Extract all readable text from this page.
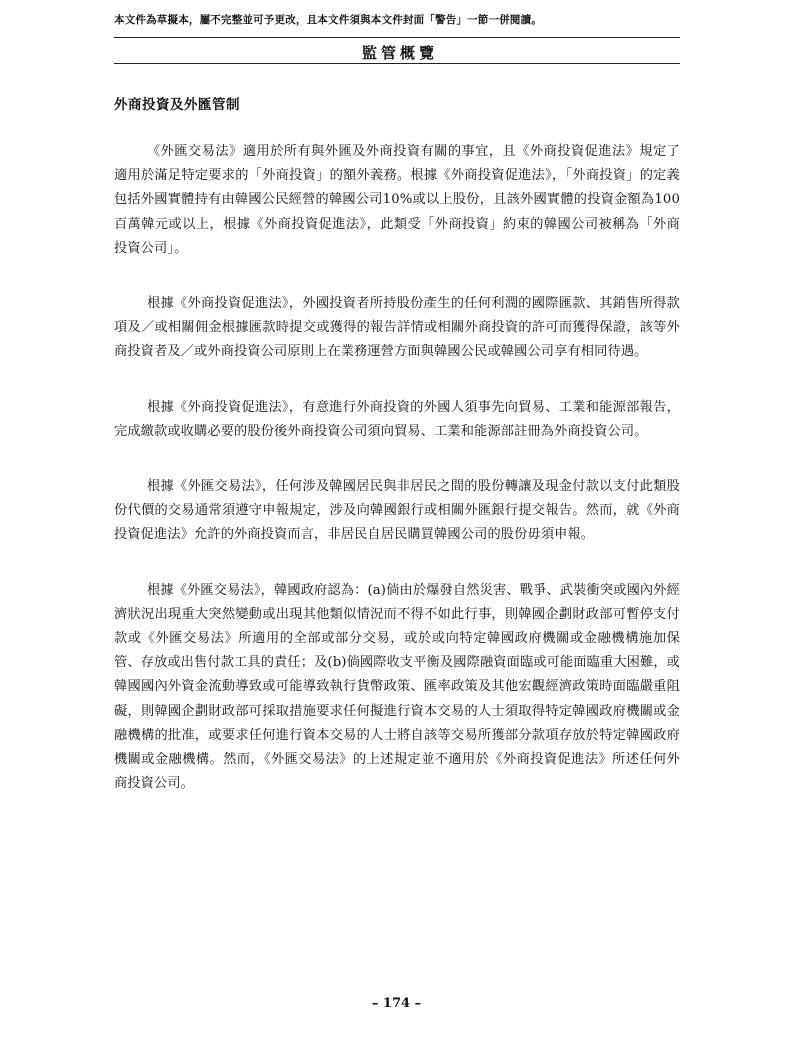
本文件為草擬本，屬不完整並可予更改，且本文件須與本文件封面「警告」一節一併閱讀。
監管概覽
外商投資及外匯管制

《外匯交易法》適用於所有與外匯及外商投資有關的事宜，且《外商投資促進法》規定了適用於滿足特定要求的「外商投資」的額外義務。根據《外商投資促進法》，「外商投資」的定義包括外國實體持有由韓國公民經營的韓國公司10%或以上股份，且該外國實體的投資金額為100百萬韓元或以上，根據《外商投資促進法》，此類受「外商投資」約束的韓國公司被稱為「外商投資公司」。

根據《外商投資促進法》，外國投資者所持股份產生的任何利潤的國際匯款、其銷售所得款項及／或相關佣金根據匯款時提交或獲得的報告詳情或相關外商投資的許可而獲得保證，該等外商投資者及／或外商投資公司原則上在業務運營方面與韓國公民或韓國公司享有相同待遇。

根據《外商投資促進法》，有意進行外商投資的外國人須事先向貿易、工業和能源部報告，完成繳款或收購必要的股份後外商投資公司須向貿易、工業和能源部註冊為外商投資公司。

根據《外匯交易法》，任何涉及韓國居民與非居民之間的股份轉讓及現金付款以支付此類股份代價的交易通常須遵守申報規定，涉及向韓國銀行或相關外匯銀行提交報告。然而，就《外商投資促進法》允許的外商投資而言，非居民自居民購買韓國公司的股份毋須申報。

根據《外匯交易法》，韓國政府認為：(a)倘由於爆發自然災害、戰爭、武裝衝突或國內外經濟狀況出現重大突然變動或出現其他類似情況而不得不如此行事，則韓國企劃財政部可暫停支付款或《外匯交易法》所適用的全部或部分交易，或於或向特定韓國政府機關或金融機構施加保管、存放或出售付款工具的責任；及(b)倘國際收支平衡及國際融資面臨或可能面臨重大困難，或韓國國內外資金流動導致或可能導致執行貨幣政策、匯率政策及其他宏觀經濟政策時面臨嚴重阻礙，則韓國企劃財政部可採取措施要求任何擬進行資本交易的人士須取得特定韓國政府機關或金融機構的批准，或要求任何進行資本交易的人士將自該等交易所獲部分款項存放於特定韓國政府機關或金融機構。然而，《外匯交易法》的上述規定並不適用於《外商投資促進法》所述任何外商投資公司。

– 174 –
